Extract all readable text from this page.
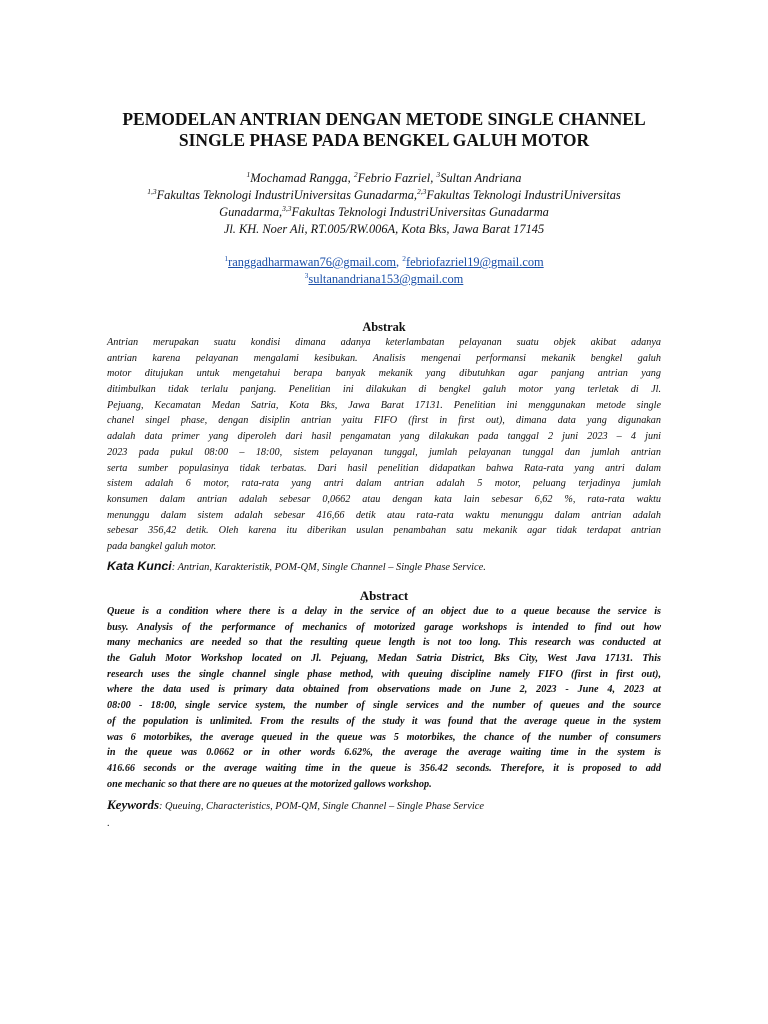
PEMODELAN ANTRIAN DENGAN METODE SINGLE CHANNEL
SINGLE PHASE PADA BENGKEL GALUH MOTOR
$^1$Mochamad Rangga, $^2$Febrio Fazriel, $^3$Sultan Andriana
$^{1,3}$Fakultas Teknologi IndustriUniversitas Gunadarma,$^{2,3}$Fakultas Teknologi IndustriUniversitas
Gunadarma,$^{3,3}$Fakultas Teknologi IndustriUniversitas Gunadarma
Jl. KH. Noer Ali, RT.005/RW.006A, Kota Bks, Jawa Barat 17145
$^1$ranggadharmawan76@gmail.com, $^2$febriofazriel19@gmail.com
$^3$sultanandriana153@gmail.com
Abstrak
Antrian merupakan suatu kondisi dimana adanya keterlambatan pelayanan suatu objek akibat adanya
antrian karena pelayanan mengalami kesibukan. Analisis mengenai performansi mekanik bengkel galuh
motor ditujukan untuk mengetahui berapa banyak mekanik yang dibutuhkan agar panjang antrian yang
ditimbulkan tidak terlalu panjang. Penelitian ini dilakukan di bengkel galuh motor yang terletak di Jl.
Pejuang, Kecamatan Medan Satria, Kota Bks, Jawa Barat 17131. Penelitian ini menggunakan metode single
chanel singel phase, dengan disiplin antrian yaitu FIFO (first in first out), dimana data yang digunakan
adalah data primer yang diperoleh dari hasil pengamatan yang dilakukan pada tanggal 2 juni 2023 – 4 juni
2023 pada pukul 08:00 – 18:00, sistem pelayanan tunggal, jumlah pelayanan tunggal dan jumlah antrian
serta sumber populasinya tidak terbatas. Dari hasil penelitian didapatkan bahwa Rata-rata yang antri dalam
sistem adalah 6 motor, rata-rata yang antri dalam antrian adalah 5 motor, peluang terjadinya jumlah
konsumen dalam antrian adalah sebesar 0,0662 atau dengan kata lain sebesar 6,62 %, rata-rata waktu
menunggu dalam sistem adalah sebesar 416,66 detik atau rata-rata waktu menunggu dalam antrian adalah
sebesar 356,42 detik. Oleh karena itu diberikan usulan penambahan satu mekanik agar tidak terdapat antrian
pada bangkel galuh motor.
Kata Kunci: Antrian, Karakteristik, POM-QM, Single Channel – Single Phase Service.
Abstract
Queue is a condition where there is a delay in the service of an object due to a queue because the service is
busy. Analysis of the performance of mechanics of motorized garage workshops is intended to find out how
many mechanics are needed so that the resulting queue length is not too long. This research was conducted at
the Galuh Motor Workshop located on Jl. Pejuang, Medan Satria District, Bks City, West Java 17131. This
research uses the single channel single phase method, with queuing discipline namely FIFO (first in first out),
where the data used is primary data obtained from observations made on June 2, 2023 - June 4, 2023 at
08:00 - 18:00, single service system, the number of single services and the number of queues and the source
of the population is unlimited. From the results of the study it was found that the average queue in the system
was 6 motorbikes, the average queued in the queue was 5 motorbikes, the chance of the number of consumers
in the queue was 0.0662 or in other words 6.62%, the average the average waiting time in the system is
416.66 seconds or the average waiting time in the queue is 356.42 seconds. Therefore, it is proposed to add
one mechanic so that there are no queues at the motorized gallows workshop.
Keywords: Queuing, Characteristics, POM-QM, Single Channel – Single Phase Service
.
